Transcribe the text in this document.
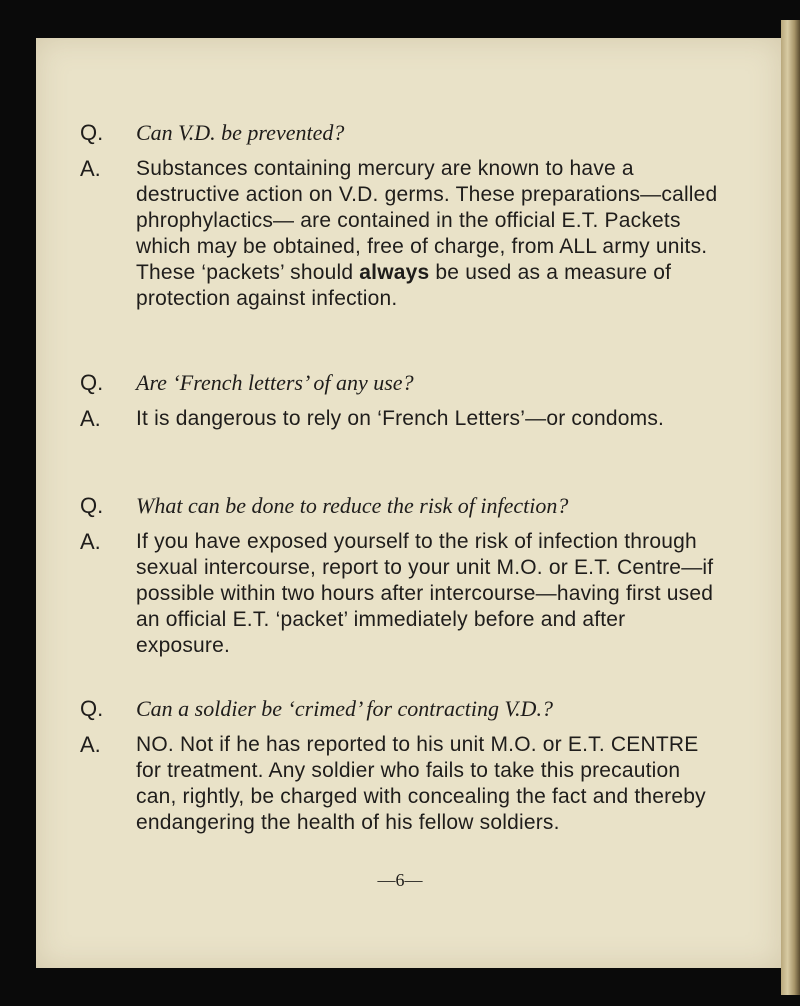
Q.	Can V.D. be prevented?
A.	Substances containing mercury are known to have a destructive action on V.D. germs. These preparations—called phrophylactics— are contained in the official E.T. Packets which may be obtained, free of charge, from ALL army units. These ‘packets’ should always be used as a measure of protection against infection.
Q.	Are ‘French letters’ of any use?
A.	It is dangerous to rely on ‘French Letters’—or condoms.
Q.	What can be done to reduce the risk of infection?
A.	If you have exposed yourself to the risk of infection through sexual intercourse, report to your unit M.O. or E.T. Centre—if possible within two hours after intercourse—having first used an official E.T. ‘packet’ immediately before and after exposure.
Q.	Can a soldier be ‘crimed’ for contracting V.D.?
A.	NO. Not if he has reported to his unit M.O. or E.T. CENTRE for treatment. Any soldier who fails to take this precaution can, rightly, be charged with concealing the fact and thereby endangering the health of his fellow soldiers.
—6—
